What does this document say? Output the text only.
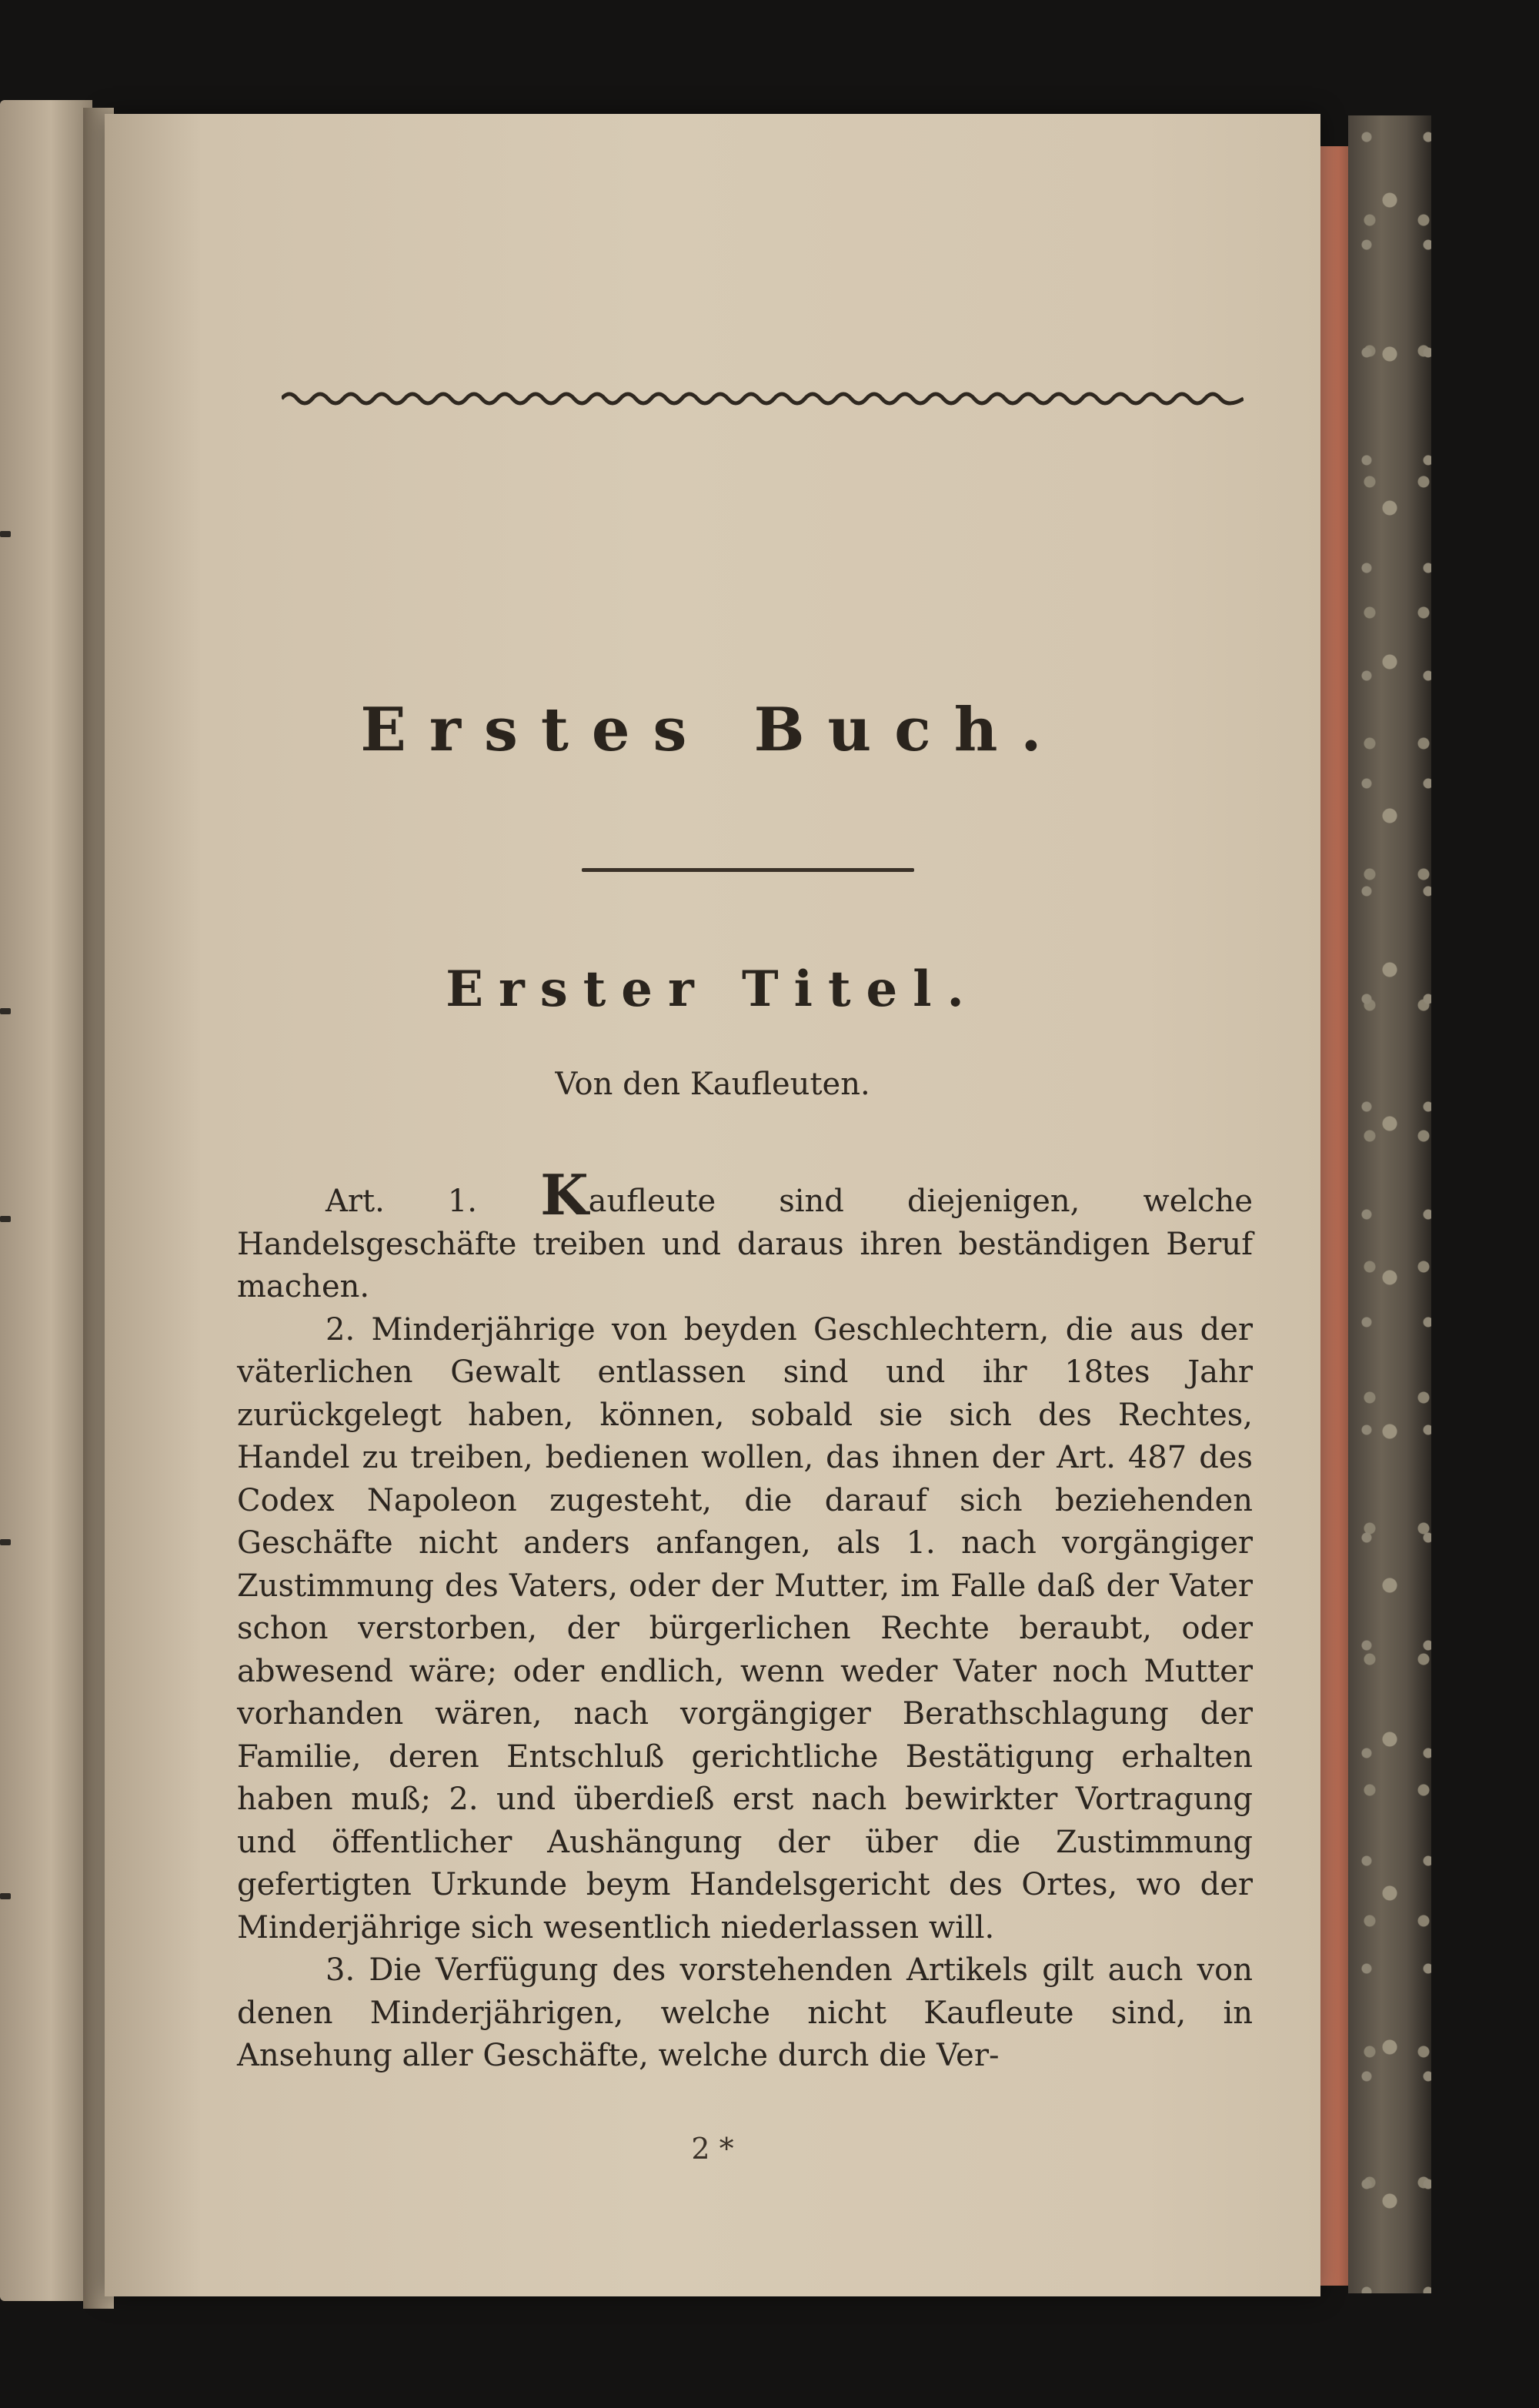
Erstes Buch.
Erster Titel.
Von den Kaufleuten.

Art. 1. Kaufleute sind diejenigen, welche Handelsgeschäfte treiben und daraus ihren beständigen Beruf machen.

2. Minderjährige von beyden Geschlechtern, die aus der väterlichen Gewalt entlassen sind und ihr 18tes Jahr zurückgelegt haben, können, sobald sie sich des Rechtes, Handel zu treiben, bedienen wollen, das ihnen der Art. 487 des Codex Napoleon zugesteht, die darauf sich beziehenden Geschäfte nicht anders anfangen, als 1. nach vorgängiger Zustimmung des Vaters, oder der Mutter, im Falle daß der Vater schon verstorben, der bürgerlichen Rechte beraubt, oder abwesend wäre; oder endlich, wenn weder Vater noch Mutter vorhanden wären, nach vorgängiger Berathschlagung der Familie, deren Entschluß gerichtliche Bestätigung erhalten haben muß; 2. und überdieß erst nach bewirkter Vortragung und öffentlicher Aushängung der über die Zustimmung gefertigten Urkunde beym Handelsgericht des Ortes, wo der Minderjährige sich wesentlich niederlassen will.

3. Die Verfügung des vorstehenden Artikels gilt auch von denen Minderjährigen, welche nicht Kaufleute sind, in Ansehung aller Geschäfte, welche durch die Ver-

2 *
